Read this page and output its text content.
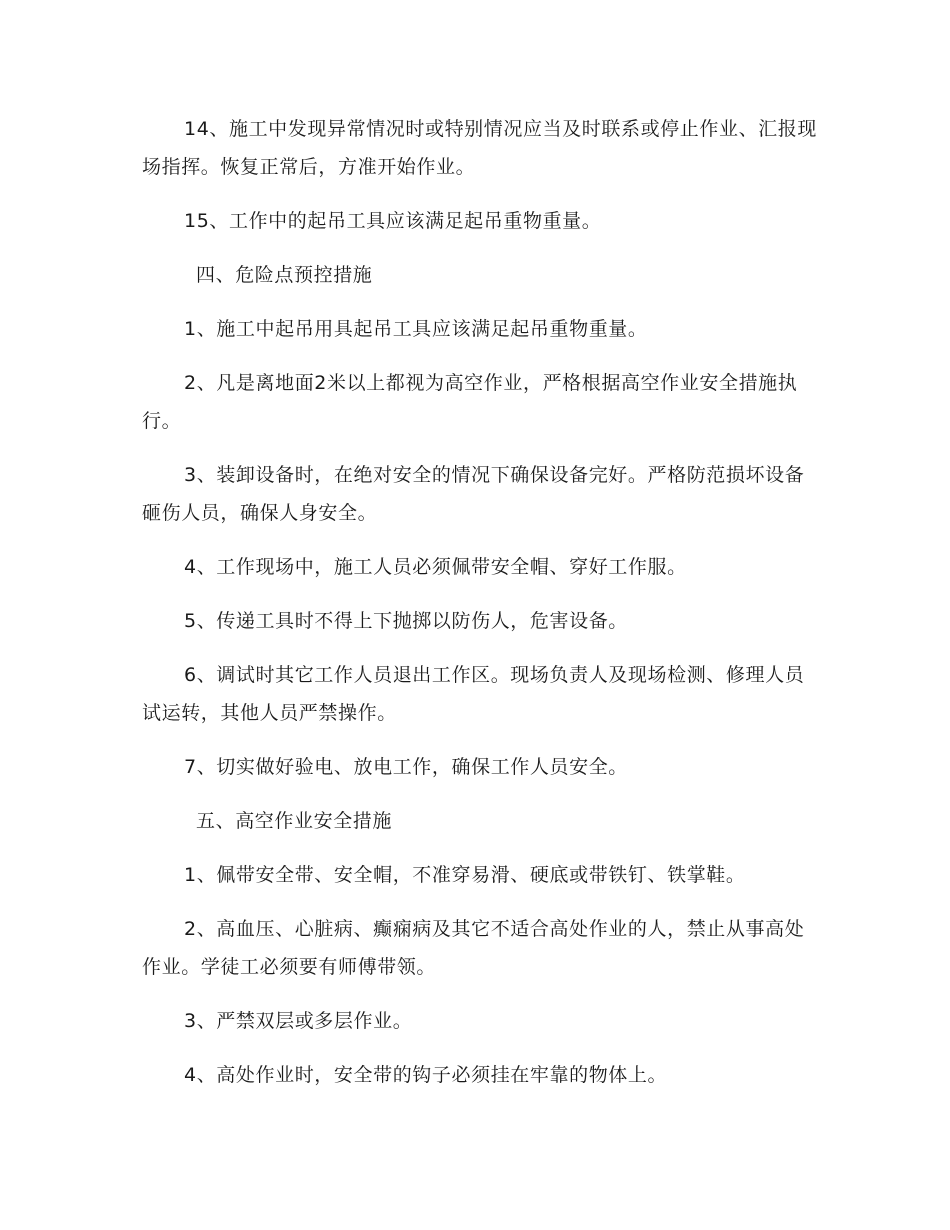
14、施工中发现异常情况时或特别情况应当及时联系或停止作业、汇报现场指挥。恢复正常后，方准开始作业。

15、工作中的起吊工具应该满足起吊重物重量。

四、危险点预控措施

1、施工中起吊用具起吊工具应该满足起吊重物重量。

2、凡是离地面2米以上都视为高空作业，严格根据高空作业安全措施执行。

3、装卸设备时，在绝对安全的情况下确保设备完好。严格防范损坏设备砸伤人员，确保人身安全。

4、工作现场中，施工人员必须佩带安全帽、穿好工作服。

5、传递工具时不得上下抛掷以防伤人，危害设备。

6、调试时其它工作人员退出工作区。现场负责人及现场检测、修理人员试运转，其他人员严禁操作。

7、切实做好验电、放电工作，确保工作人员安全。

五、高空作业安全措施

1、佩带安全带、安全帽，不准穿易滑、硬底或带铁钉、铁掌鞋。

2、高血压、心脏病、癫痫病及其它不适合高处作业的人，禁止从事高处作业。学徒工必须要有师傅带领。

3、严禁双层或多层作业。

4、高处作业时，安全带的钩子必须挂在牢靠的物体上。
